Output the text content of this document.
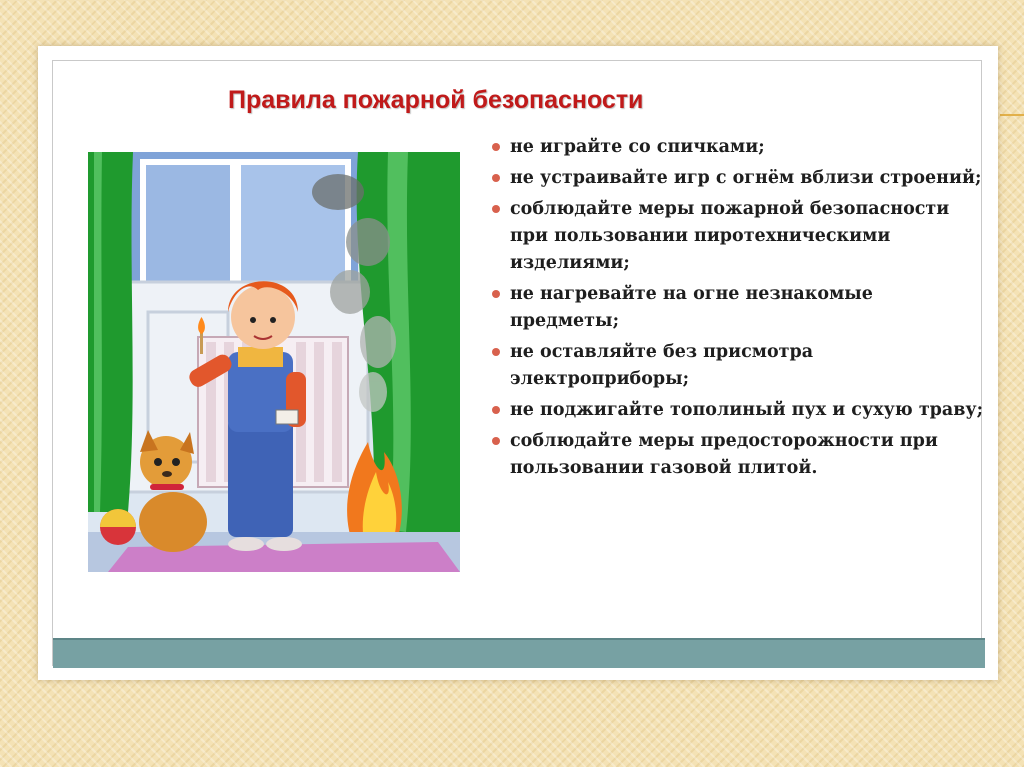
Правила пожарной безопасности
не играйте со спичками;
не устраивайте игр с огнём вблизи строений;
соблюдайте меры пожарной безопасности при пользовании пиротехническими изделиями;
не нагревайте на огне незнакомые предметы;
не оставляйте без присмотра электроприборы;
не поджигайте тополиный пух и сухую траву;
соблюдайте меры предосторожности при пользовании газовой плитой.
